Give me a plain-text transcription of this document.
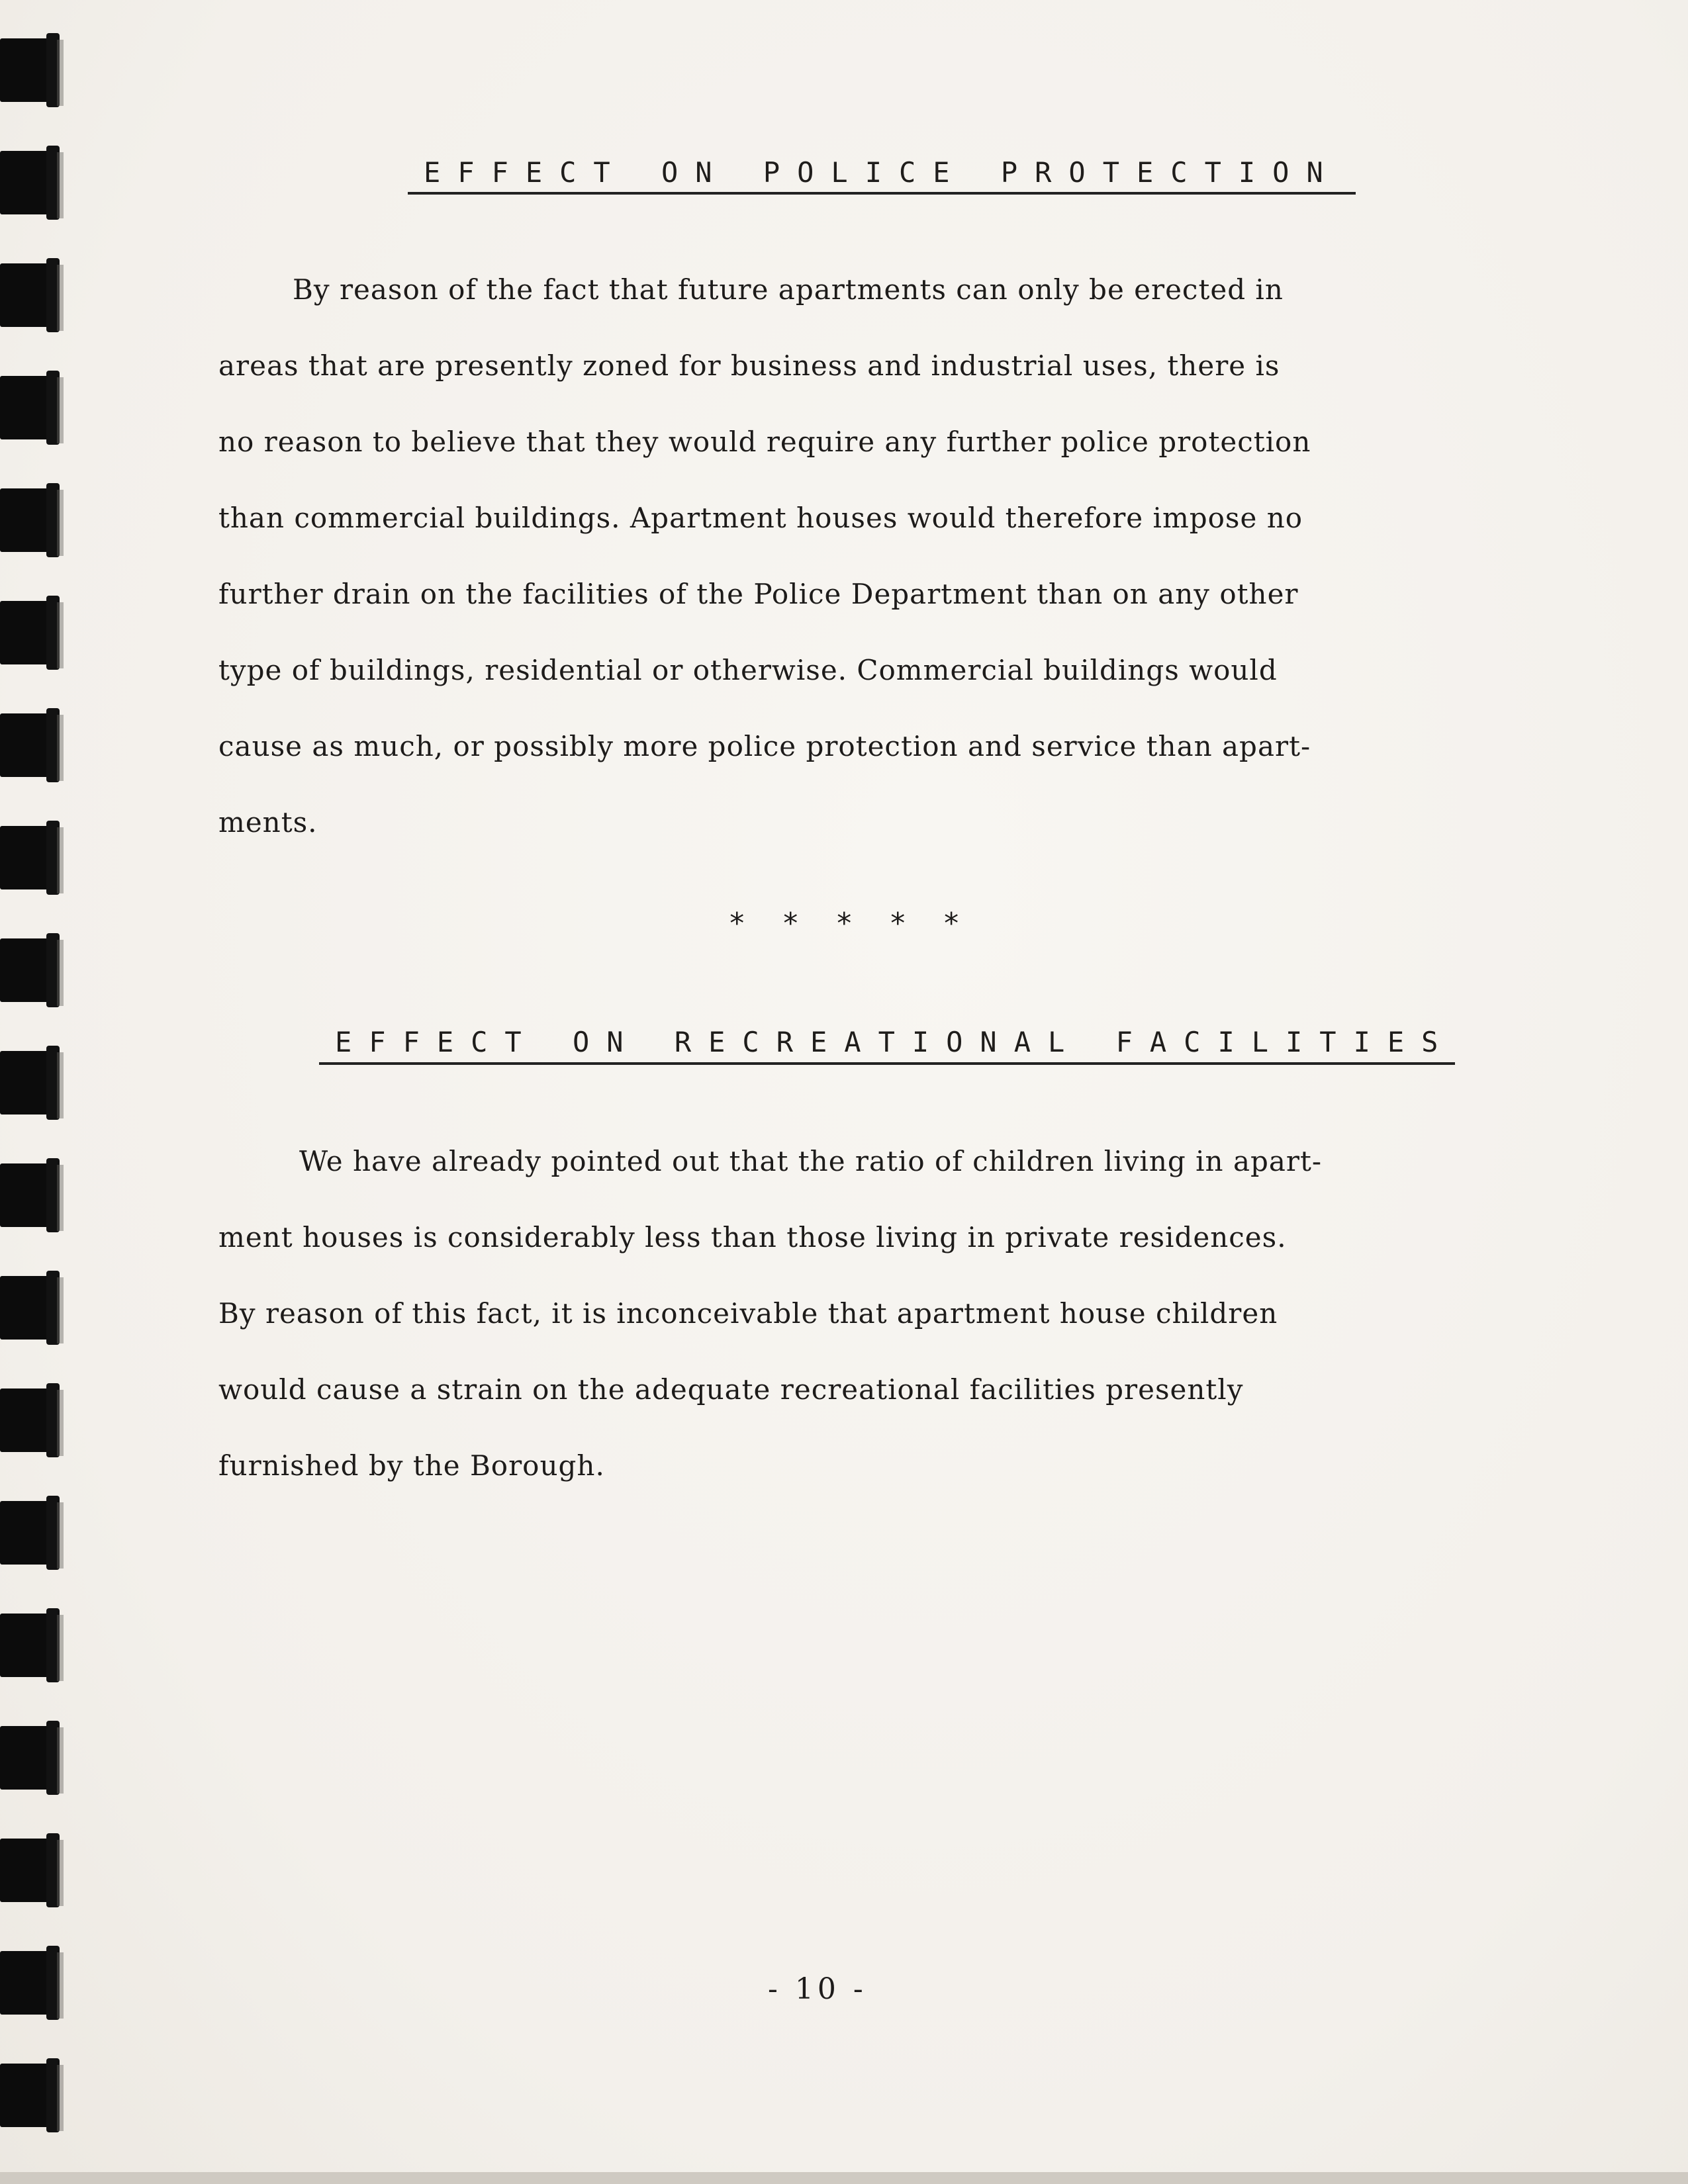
EFFECT ON POLICE PROTECTION
By reason of the fact that future apartments can only be erected in
areas that are presently zoned for business and industrial uses, there is
no reason to believe that they would require any further police protection
than commercial buildings. Apartment houses would therefore impose no
further drain on the facilities of the Police Department than on any other
type of buildings, residential or otherwise. Commercial buildings would
cause as much, or possibly more police protection and service than apart-
ments.
* * * * *
EFFECT ON RECREATIONAL FACILITIES
We have already pointed out that the ratio of children living in apart-
ment houses is considerably less than those living in private residences.
By reason of this fact, it is inconceivable that apartment house children
would cause a strain on the adequate recreational facilities presently
furnished by the Borough.
- 10 -
